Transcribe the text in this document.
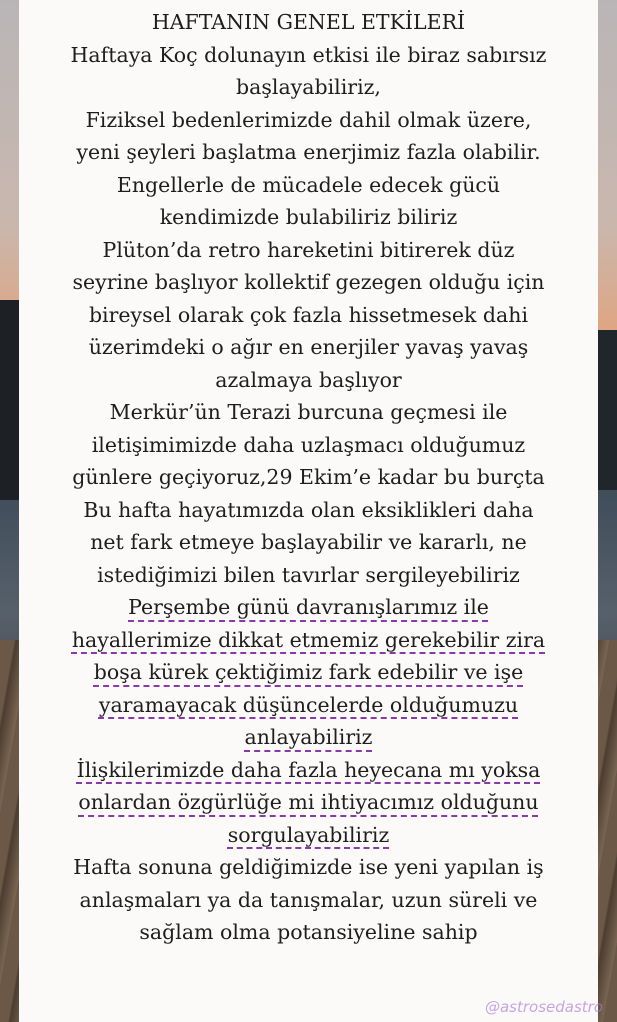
HAFTANIN GENEL ETKİLERİ
Haftaya Koç dolunayın etkisi ile biraz sabırsız
başlayabiliriz,
Fiziksel bedenlerimizde dahil olmak üzere,
yeni şeyleri başlatma enerjimiz fazla olabilir.
Engellerle de mücadele edecek gücü
kendimizde bulabiliriz biliriz
Plüton’da retro hareketini bitirerek düz
seyrine başlıyor kollektif gezegen olduğu için
bireysel olarak çok fazla hissetmesek dahi
üzerimdeki o ağır en enerjiler yavaş yavaş
azalmaya başlıyor
Merkür’ün Terazi burcuna geçmesi ile
iletişimimizde daha uzlaşmacı olduğumuz
günlere geçiyoruz,29 Ekim’e kadar bu burçta
Bu hafta hayatımızda olan eksiklikleri daha
net fark etmeye başlayabilir ve kararlı, ne
istediğimizi bilen tavırlar sergileyebiliriz
Perşembe günü davranışlarımız ile
hayallerimize dikkat etmemiz gerekebilir zira
boşa kürek çektiğimiz fark edebilir ve işe
yaramayacak düşüncelerde olduğumuzu
anlayabiliriz
İlişkilerimizde daha fazla heyecana mı yoksa
onlardan özgürlüğe mi ihtiyacımız olduğunu
sorgulayabiliriz
Hafta sonuna geldiğimizde ise yeni yapılan iş
anlaşmaları ya da tanışmalar, uzun süreli ve
sağlam olma potansiyeline sahip
@astrosedastro
